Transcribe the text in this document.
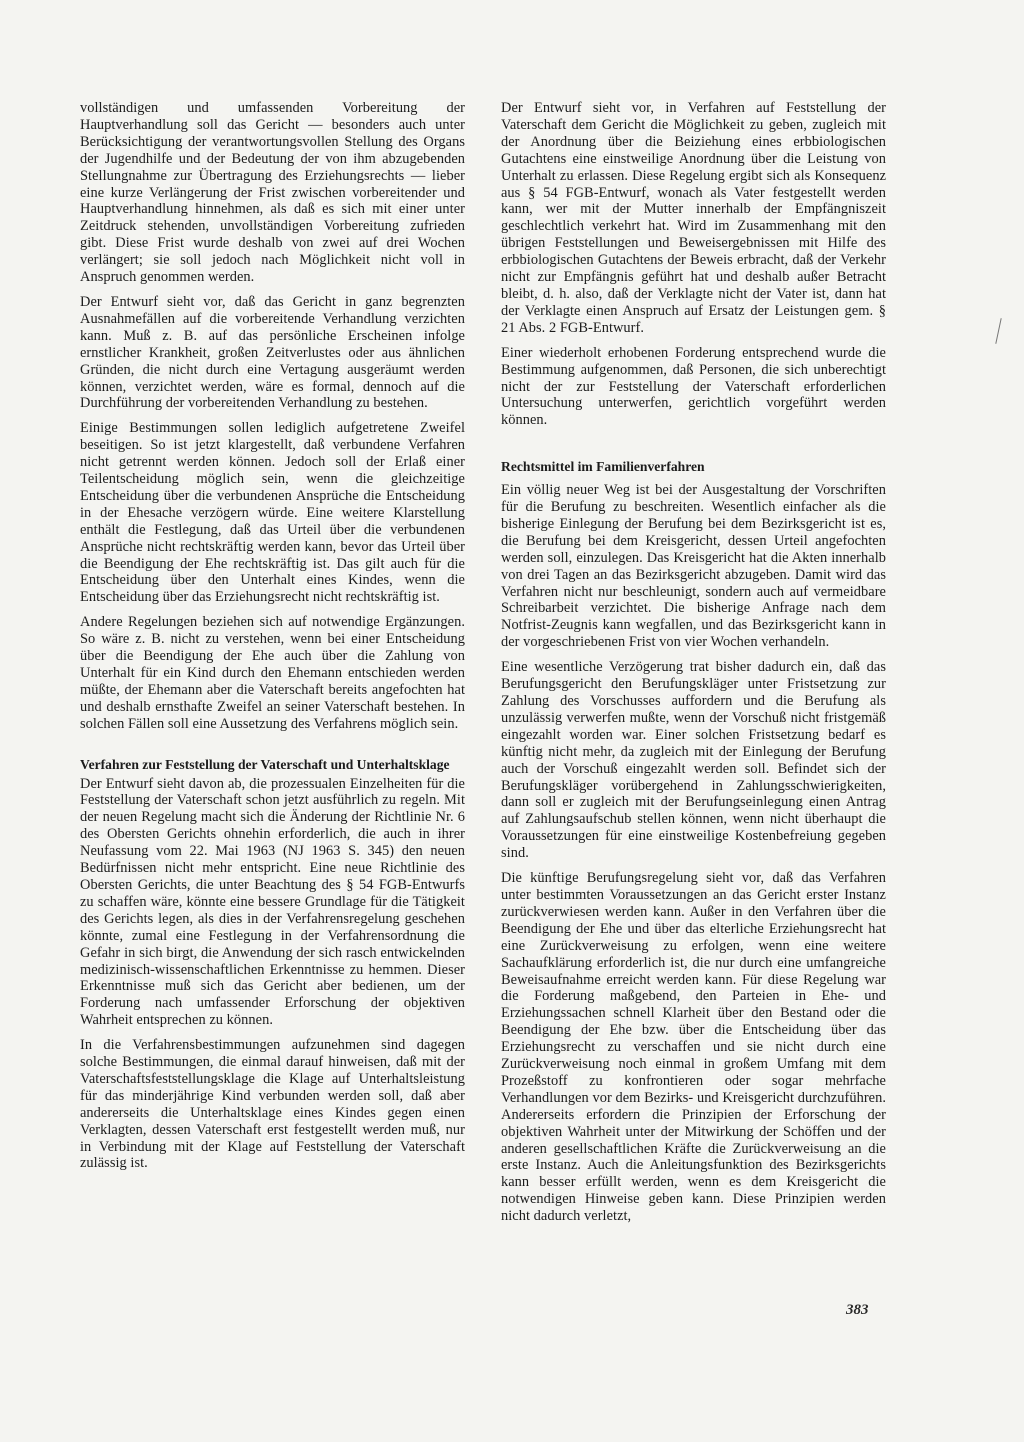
vollständigen und umfassenden Vorbereitung der Hauptverhandlung soll das Gericht — besonders auch unter Berücksichtigung der verantwortungsvollen Stellung des Organs der Jugendhilfe und der Bedeutung der von ihm abzugebenden Stellungnahme zur Übertragung des Erziehungsrechts — lieber eine kurze Verlängerung der Frist zwischen vorbereitender und Hauptverhandlung hinnehmen, als daß es sich mit einer unter Zeitdruck stehenden, unvollständigen Vorbereitung zufrieden gibt. Diese Frist wurde deshalb von zwei auf drei Wochen verlängert; sie soll jedoch nach Möglichkeit nicht voll in Anspruch genommen werden.

Der Entwurf sieht vor, daß das Gericht in ganz begrenzten Ausnahmefällen auf die vorbereitende Verhandlung verzichten kann. Muß z. B. auf das persönliche Erscheinen infolge ernstlicher Krankheit, großen Zeitverlustes oder aus ähnlichen Gründen, die nicht durch eine Vertagung ausgeräumt werden können, verzichtet werden, wäre es formal, dennoch auf die Durchführung der vorbereitenden Verhandlung zu bestehen.

Einige Bestimmungen sollen lediglich aufgetretene Zweifel beseitigen. So ist jetzt klargestellt, daß verbundene Verfahren nicht getrennt werden können. Jedoch soll der Erlaß einer Teilentscheidung möglich sein, wenn die gleichzeitige Entscheidung über die verbundenen Ansprüche die Entscheidung in der Ehesache verzögern würde. Eine weitere Klarstellung enthält die Festlegung, daß das Urteil über die verbundenen Ansprüche nicht rechtskräftig werden kann, bevor das Urteil über die Beendigung der Ehe rechtskräftig ist. Das gilt auch für die Entscheidung über den Unterhalt eines Kindes, wenn die Entscheidung über das Erziehungsrecht nicht rechtskräftig ist.

Andere Regelungen beziehen sich auf notwendige Ergänzungen. So wäre z. B. nicht zu verstehen, wenn bei einer Entscheidung über die Beendigung der Ehe auch über die Zahlung von Unterhalt für ein Kind durch den Ehemann entschieden werden müßte, der Ehemann aber die Vaterschaft bereits angefochten hat und deshalb ernsthafte Zweifel an seiner Vaterschaft bestehen. In solchen Fällen soll eine Aussetzung des Verfahrens möglich sein.

Verfahren zur Feststellung der Vaterschaft und Unterhaltsklage

Der Entwurf sieht davon ab, die prozessualen Einzelheiten für die Feststellung der Vaterschaft schon jetzt ausführlich zu regeln. Mit der neuen Regelung macht sich die Änderung der Richtlinie Nr. 6 des Obersten Gerichts ohnehin erforderlich, die auch in ihrer Neufassung vom 22. Mai 1963 (NJ 1963 S. 345) den neuen Bedürfnissen nicht mehr entspricht. Eine neue Richtlinie des Obersten Gerichts, die unter Beachtung des § 54 FGB-Entwurfs zu schaffen wäre, könnte eine bessere Grundlage für die Tätigkeit des Gerichts legen, als dies in der Verfahrensregelung geschehen könnte, zumal eine Festlegung in der Verfahrensordnung die Gefahr in sich birgt, die Anwendung der sich rasch entwickelnden medizinisch-wissenschaftlichen Erkenntnisse zu hemmen. Dieser Erkenntnisse muß sich das Gericht aber bedienen, um der Forderung nach umfassender Erforschung der objektiven Wahrheit entsprechen zu können.

In die Verfahrensbestimmungen aufzunehmen sind dagegen solche Bestimmungen, die einmal darauf hinweisen, daß mit der Vaterschaftsfeststellungsklage die Klage auf Unterhaltsleistung für das minderjährige Kind verbunden werden soll, daß aber andererseits die Unterhaltsklage eines Kindes gegen einen Verklagten, dessen Vaterschaft erst festgestellt werden muß, nur in Verbindung mit der Klage auf Feststellung der Vaterschaft zulässig ist.

Der Entwurf sieht vor, in Verfahren auf Feststellung der Vaterschaft dem Gericht die Möglichkeit zu geben, zugleich mit der Anordnung über die Beiziehung eines erbbiologischen Gutachtens eine einstweilige Anordnung über die Leistung von Unterhalt zu erlassen. Diese Regelung ergibt sich als Konsequenz aus § 54 FGB-Entwurf, wonach als Vater festgestellt werden kann, wer mit der Mutter innerhalb der Empfängniszeit geschlechtlich verkehrt hat. Wird im Zusammenhang mit den übrigen Feststellungen und Beweisergebnissen mit Hilfe des erbbiologischen Gutachtens der Beweis erbracht, daß der Verkehr nicht zur Empfängnis geführt hat und deshalb außer Betracht bleibt, d. h. also, daß der Verklagte nicht der Vater ist, dann hat der Verklagte einen Anspruch auf Ersatz der Leistungen gem. § 21 Abs. 2 FGB-Entwurf.

Einer wiederholt erhobenen Forderung entsprechend wurde die Bestimmung aufgenommen, daß Personen, die sich unberechtigt nicht der zur Feststellung der Vaterschaft erforderlichen Untersuchung unterwerfen, gerichtlich vorgeführt werden können.

Rechtsmittel im Familienverfahren

Ein völlig neuer Weg ist bei der Ausgestaltung der Vorschriften für die Berufung zu beschreiten. Wesentlich einfacher als die bisherige Einlegung der Berufung bei dem Bezirksgericht ist es, die Berufung bei dem Kreisgericht, dessen Urteil angefochten werden soll, einzulegen. Das Kreisgericht hat die Akten innerhalb von drei Tagen an das Bezirksgericht abzugeben. Damit wird das Verfahren nicht nur beschleunigt, sondern auch auf vermeidbare Schreibarbeit verzichtet. Die bisherige Anfrage nach dem Notfrist-Zeugnis kann wegfallen, und das Bezirksgericht kann in der vorgeschriebenen Frist von vier Wochen verhandeln.

Eine wesentliche Verzögerung trat bisher dadurch ein, daß das Berufungsgericht den Berufungskläger unter Fristsetzung zur Zahlung des Vorschusses auffordern und die Berufung als unzulässig verwerfen mußte, wenn der Vorschuß nicht fristgemäß eingezahlt worden war. Einer solchen Fristsetzung bedarf es künftig nicht mehr, da zugleich mit der Einlegung der Berufung auch der Vorschuß eingezahlt werden soll. Befindet sich der Berufungskläger vorübergehend in Zahlungsschwierigkeiten, dann soll er zugleich mit der Berufungseinlegung einen Antrag auf Zahlungsaufschub stellen können, wenn nicht überhaupt die Voraussetzungen für eine einstweilige Kostenbefreiung gegeben sind.

Die künftige Berufungsregelung sieht vor, daß das Verfahren unter bestimmten Voraussetzungen an das Gericht erster Instanz zurückverwiesen werden kann. Außer in den Verfahren über die Beendigung der Ehe und über das elterliche Erziehungsrecht hat eine Zurückverweisung zu erfolgen, wenn eine weitere Sachaufklärung erforderlich ist, die nur durch eine umfangreiche Beweisaufnahme erreicht werden kann. Für diese Regelung war die Forderung maßgebend, den Parteien in Ehe- und Erziehungssachen schnell Klarheit über den Bestand oder die Beendigung der Ehe bzw. über die Entscheidung über das Erziehungsrecht zu verschaffen und sie nicht durch eine Zurückverweisung noch einmal in großem Umfang mit dem Prozeßstoff zu konfrontieren oder sogar mehrfache Verhandlungen vor dem Bezirks- und Kreisgericht durchzuführen. Andererseits erfordern die Prinzipien der Erforschung der objektiven Wahrheit unter der Mitwirkung der Schöffen und der anderen gesellschaftlichen Kräfte die Zurückverweisung an die erste Instanz. Auch die Anleitungsfunktion des Bezirksgerichts kann besser erfüllt werden, wenn es dem Kreisgericht die notwendigen Hinweise geben kann. Diese Prinzipien werden nicht dadurch verletzt,

383
